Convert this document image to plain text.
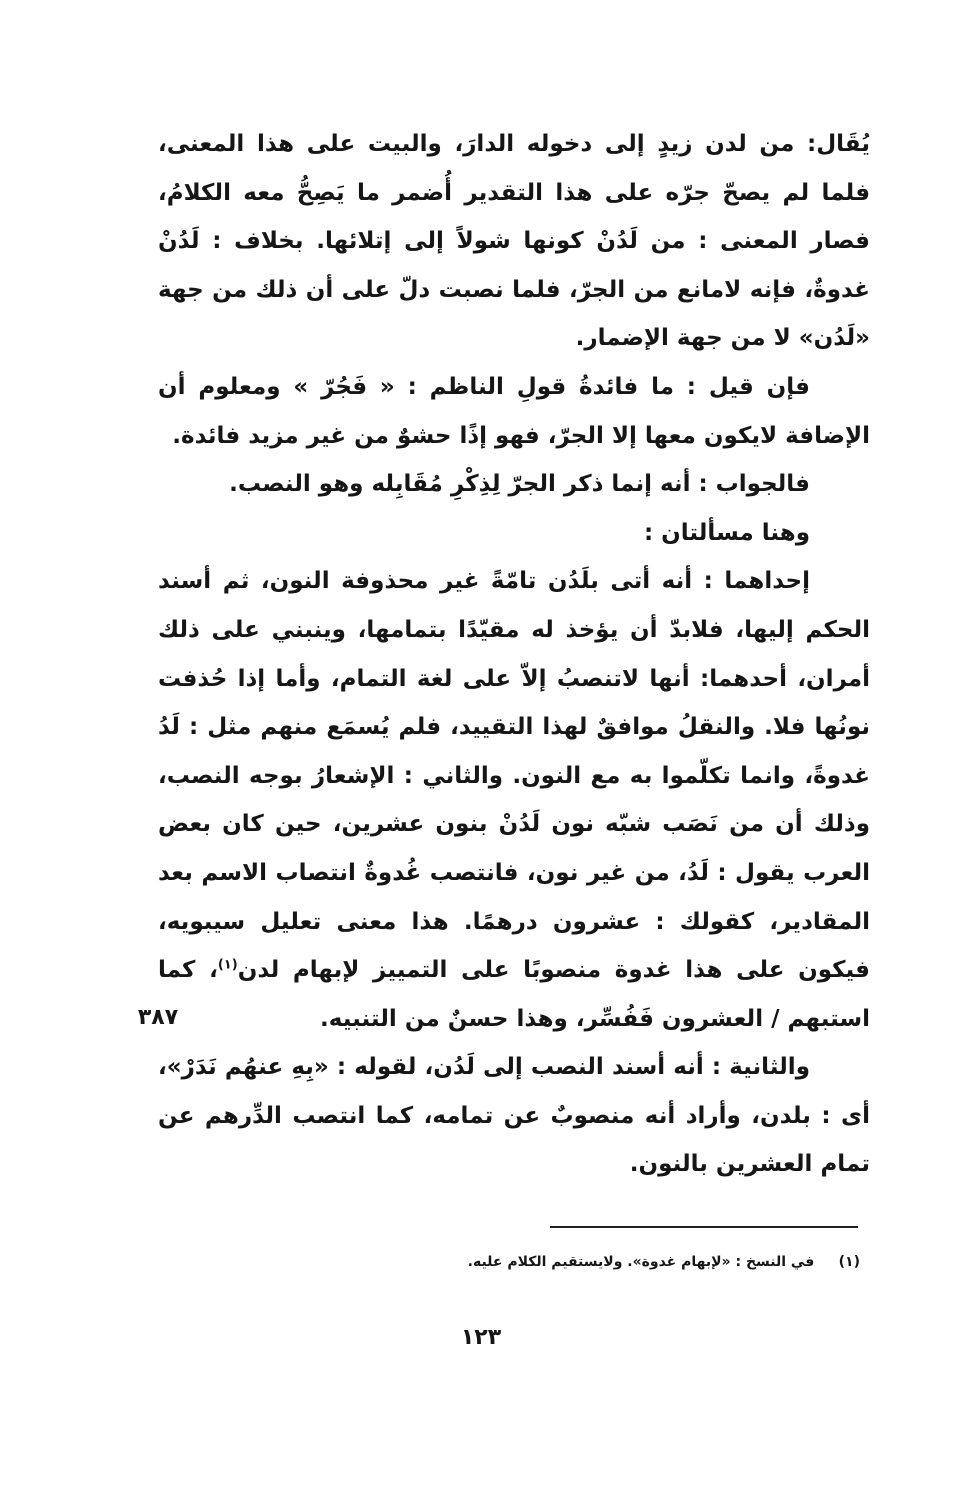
يُقَال: من لدن زيدٍ إلى دخوله الدارَ، والبيت على هذا المعنى، فلما لم يصحّ جرّه على هذا التقدير أُضمر ما يَصِحُّ معه الكلامُ، فصار المعنى : من لَدُنْ كونها شولاً إلى إتلائها. بخلاف : لَدُنْ غدوةٌ، فإنه لامانع من الجرّ، فلما نصبت دلّ على أن ذلك من جهة «لَدُن» لا من جهة الإضمار.

فإن قيل : ما فائدةُ قولِ الناظم : « فَجُرّ » ومعلوم أن الإضافة لايكون معها إلا الجرّ، فهو إذًا حشوٌ من غير مزيد فائدة.

فالجواب : أنه إنما ذكر الجرّ لِذِكْرِ مُقَابِله وهو النصب.

وهنا مسألتان :

إحداهما : أنه أتى بلَدُن تامّةً غير محذوفة النون، ثم أسند الحكم إليها، فلابدّ أن يؤخذ له مقيّدًا بتمامها، وينبني على ذلك أمران، أحدهما: أنها لاتنصبُ إلاّ على لغة التمام، وأما إذا حُذفت نونُها فلا. والنقلُ موافقٌ لهذا التقييد، فلم يُسمَع منهم مثل : لَدُ غدوةً، وانما تكلّموا به مع النون. والثاني : الإشعارُ بوجه النصب، وذلك أن من نَصَب شبّه نون لَدُنْ بنون عشرين، حين كان بعض العرب يقول : لَدُ، من غير نون، فانتصب غُدوةٌ انتصاب الاسم بعد المقادير، كقولك : عشرون درهمًا. هذا معنى تعليل سيبويه، فيكون على هذا غدوة منصوبًا على التمييز لإبهام لدن$^{(١)}$، كما استبهم / العشرون فَفُسِّر، وهذا حسنٌ من التنبيه.

والثانية : أنه أسند النصب إلى لَدُن، لقوله : «بِهِ عنهُم نَدَرْ»، أى : بلدن، وأراد أنه منصوبٌ عن تمامه، كما انتصب الدِّرهم عن تمام العشرين بالنون.

٣٨٧
(١)     في النسخ : «لإبهام غدوة». ولايستقيم الكلام عليه.
١٢٣
